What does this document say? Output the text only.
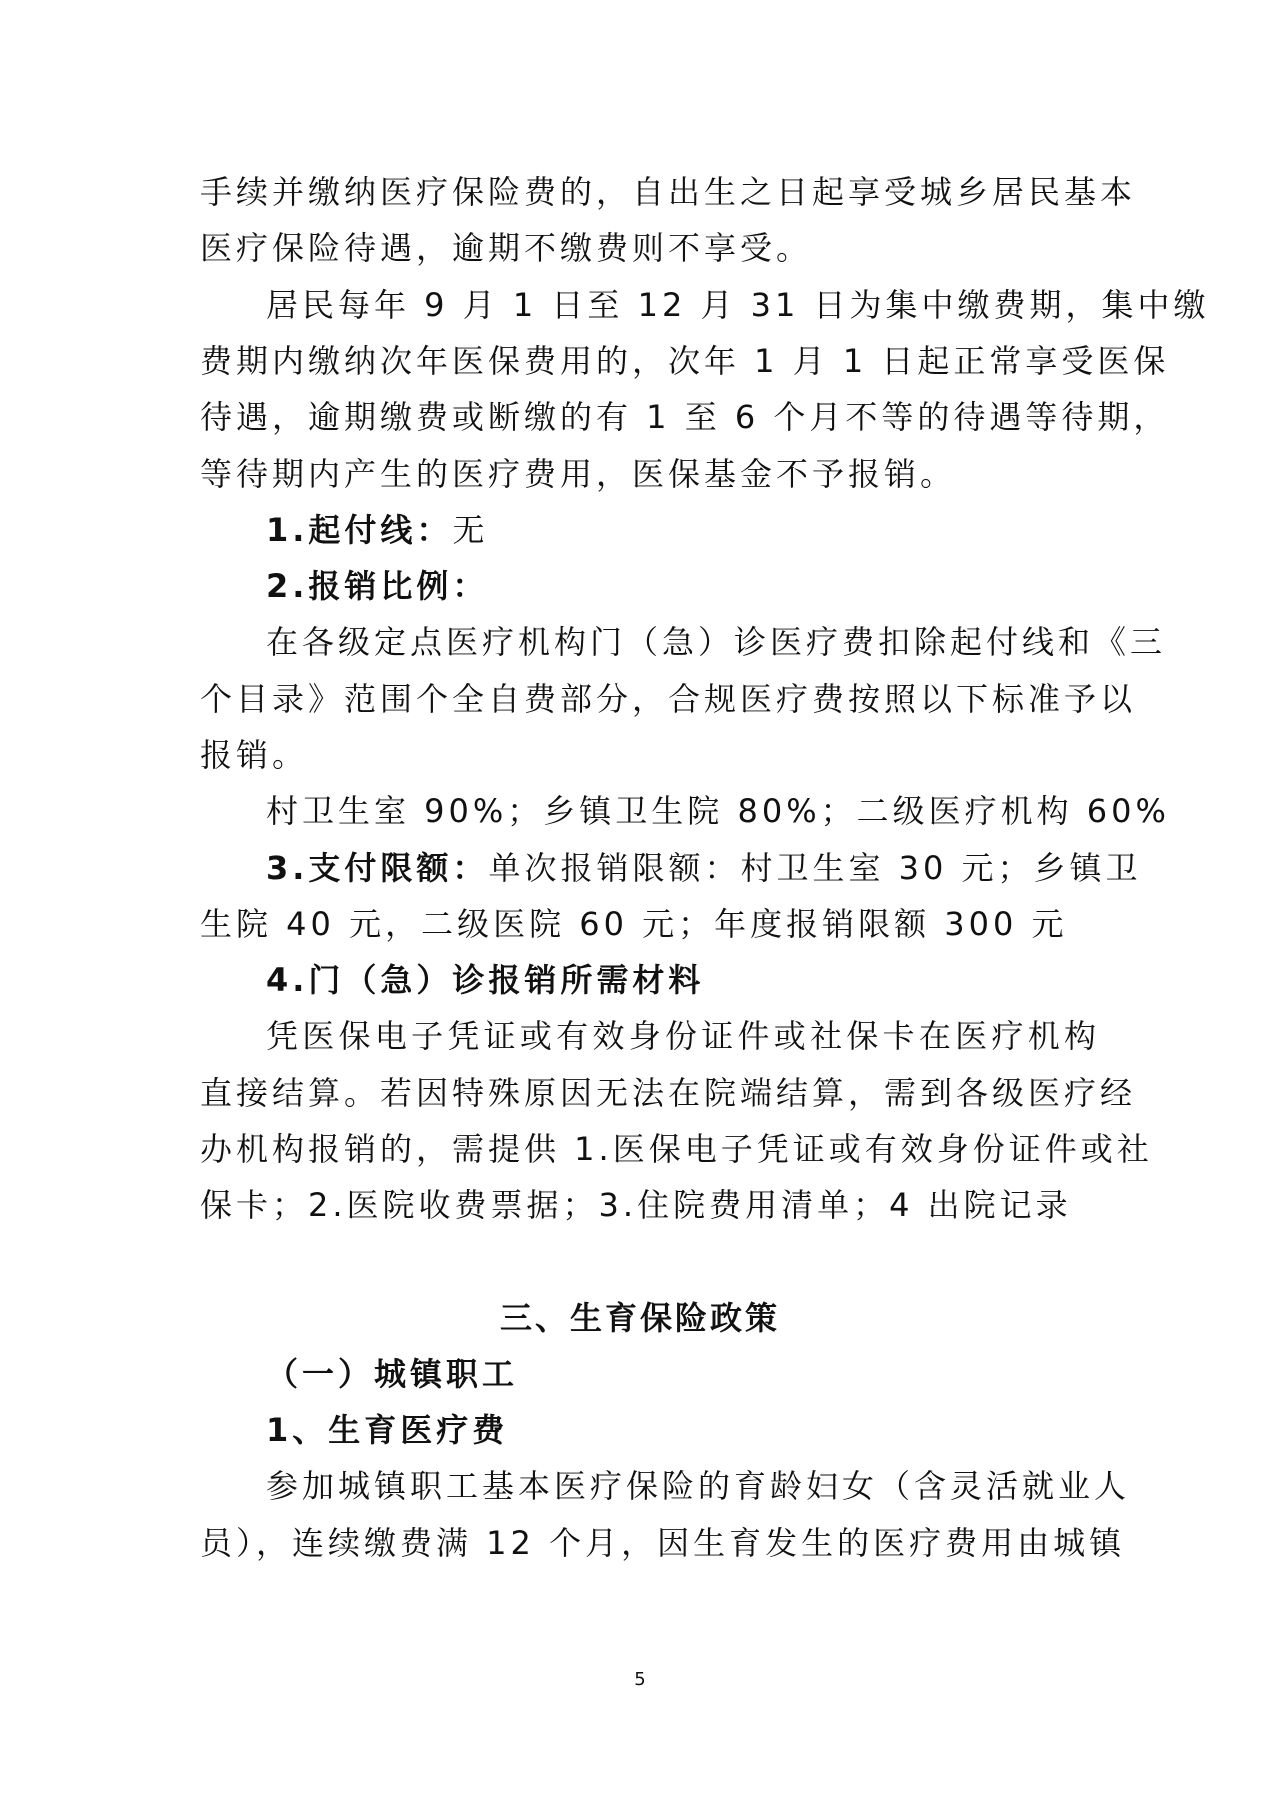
手续并缴纳医疗保险费的，自出生之日起享受城乡居民基本
医疗保险待遇，逾期不缴费则不享受。
居民每年 9 月 1 日至 12 月 31 日为集中缴费期，集中缴
费期内缴纳次年医保费用的，次年 1 月 1 日起正常享受医保
待遇，逾期缴费或断缴的有 1 至 6 个月不等的待遇等待期，
等待期内产生的医疗费用，医保基金不予报销。
1.起付线：无
2.报销比例：
在各级定点医疗机构门（急）诊医疗费扣除起付线和《三
个目录》范围个全自费部分，合规医疗费按照以下标准予以
报销。
村卫生室 90%；乡镇卫生院 80%；二级医疗机构 60%
3.支付限额：单次报销限额：村卫生室 30 元；乡镇卫
生院 40 元，二级医院 60 元；年度报销限额 300 元
4.门（急）诊报销所需材料
凭医保电子凭证或有效身份证件或社保卡在医疗机构
直接结算。若因特殊原因无法在院端结算，需到各级医疗经
办机构报销的，需提供 1.医保电子凭证或有效身份证件或社
保卡；2.医院收费票据；3.住院费用清单；4 出院记录
三、生育保险政策
（一）城镇职工
1、生育医疗费
参加城镇职工基本医疗保险的育龄妇女（含灵活就业人
员），连续缴费满 12 个月，因生育发生的医疗费用由城镇
5
